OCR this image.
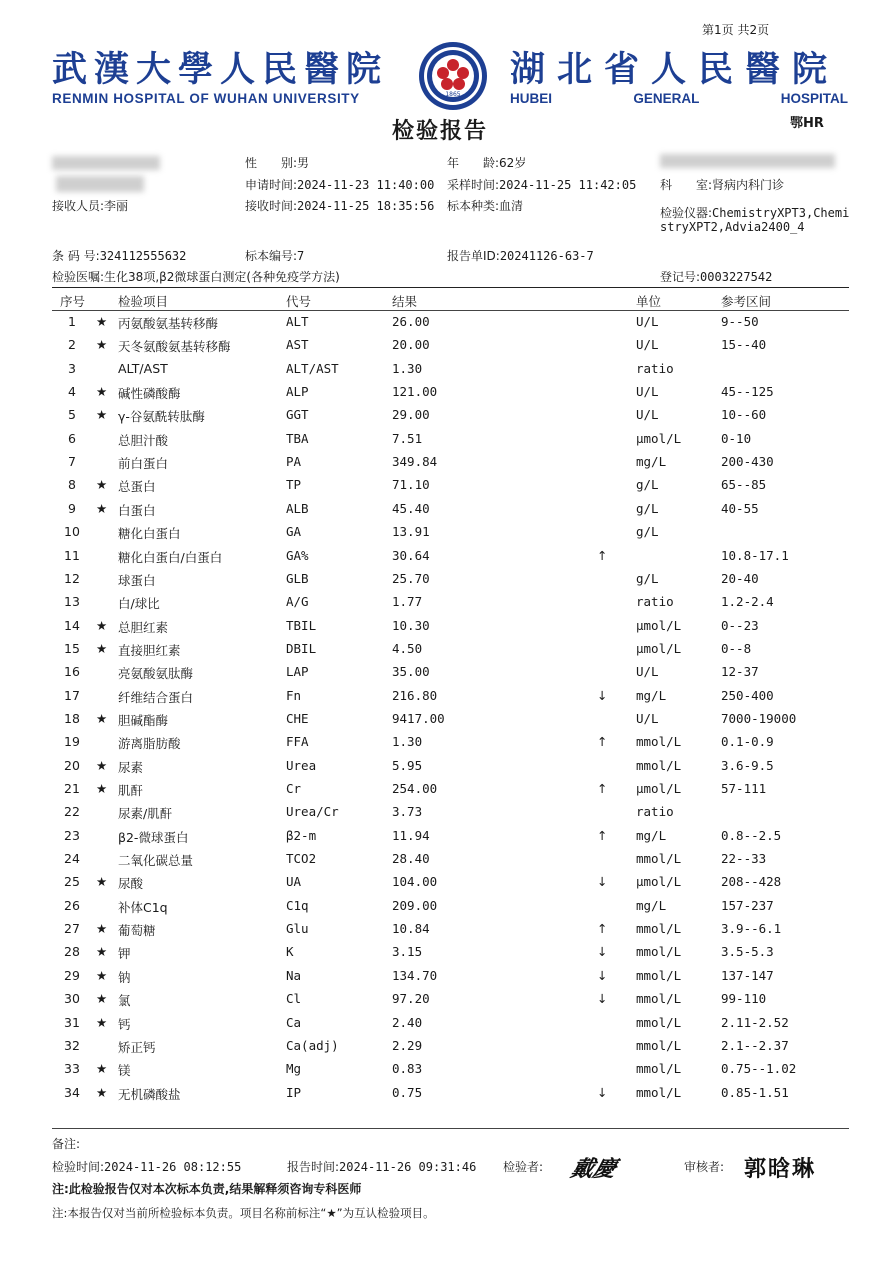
第1页 共2页
武漢大學人民醫院
RENMIN HOSPITAL OF WUHAN UNIVERSITY	1865
湖北省人民醫院
HUBEI	GENERAL	HOSPITAL
检验报告	鄂HR
性　　别:男	年　　龄:62岁
申请时间:2024-11-23 11:40:00 采样时间:2024-11-25 11:42:05 科　　室:肾病内科门诊
接收人员:李丽	接收时间:2024-11-25 18:35:56 标本种类:血清	检验仪器:ChemistryXPT3,Chemi
stryXPT2,Advia2400_4
条 码 号:324112555632	标本编号:7	报告单ID:20241126-63-7
检验医嘱:生化38项,β2微球蛋白测定(各种免疫学方法)	登记号:0003227542
序号	检验项目	代号	结果	单位	参考区间
1	★ 丙氨酸氨基转移酶	ALT	26.00	U/L	9--50
2	★ 天冬氨酸氨基转移酶	AST	20.00	U/L	15--40
3	ALT/AST	ALT/AST	1.30	ratio
4	★ 碱性磷酸酶	ALP	121.00	U/L	45--125
5	★ γ-谷氨酰转肽酶	GGT	29.00	U/L	10--60
6	总胆汁酸	TBA	7.51	μmol/L	0-10
7	前白蛋白	PA	349.84	mg/L	200-430
8	★ 总蛋白	TP	71.10	g/L	65--85
9	★ 白蛋白	ALB	45.40	g/L	40-55
10	糖化白蛋白	GA	13.91	g/L
11	糖化白蛋白/白蛋白	GA%	30.64	↑	10.8-17.1
12	球蛋白	GLB	25.70	g/L	20-40
13	白/球比	A/G	1.77	ratio	1.2-2.4
14	★ 总胆红素	TBIL	10.30	μmol/L	0--23
15	★ 直接胆红素	DBIL	4.50	μmol/L	0--8
16	亮氨酸氨肽酶	LAP	35.00	U/L	12-37
17	纤维结合蛋白	Fn	216.80	↓ mg/L	250-400
18	★ 胆碱酯酶	CHE	9417.00	U/L	7000-19000
19	游离脂肪酸	FFA	1.30	↑ mmol/L	0.1-0.9
20	★ 尿素	Urea	5.95	mmol/L	3.6-9.5
21	★ 肌酐	Cr	254.00	↑ μmol/L	57-111
22	尿素/肌酐	Urea/Cr	3.73	ratio
23	β2-微球蛋白	β2-m	11.94	↑ mg/L	0.8--2.5
24	二氧化碳总量	TCO2	28.40	mmol/L	22--33
25	★ 尿酸	UA	104.00	↓ μmol/L	208--428
26	补体C1q	C1q	209.00	mg/L	157-237
27	★ 葡萄糖	Glu	10.84	↑ mmol/L	3.9--6.1
28	★ 钾	K	3.15	↓ mmol/L	3.5-5.3
29	★ 钠	Na	134.70	↓ mmol/L	137-147
30	★ 氯	Cl	97.20	↓ mmol/L	99-110
31	★ 钙	Ca	2.40	mmol/L	2.11-2.52
32	矫正钙	Ca(adj)	2.29	mmol/L	2.1--2.37
33	★ 镁	Mg	0.83	mmol/L	0.75--1.02
34	★ 无机磷酸盐	IP	0.75	↓ mmol/L	0.85-1.51
备注:
检验时间:2024-11-26 08:12:55	报告时间:2024-11-26 09:31:46 检验者: 戴慶	审核者: 郭晗琳
注:此检验报告仅对本次标本负责,结果解释须咨询专科医师
注:本报告仅对当前所检验标本负责。项目名称前标注“★”为互认检验项目。
